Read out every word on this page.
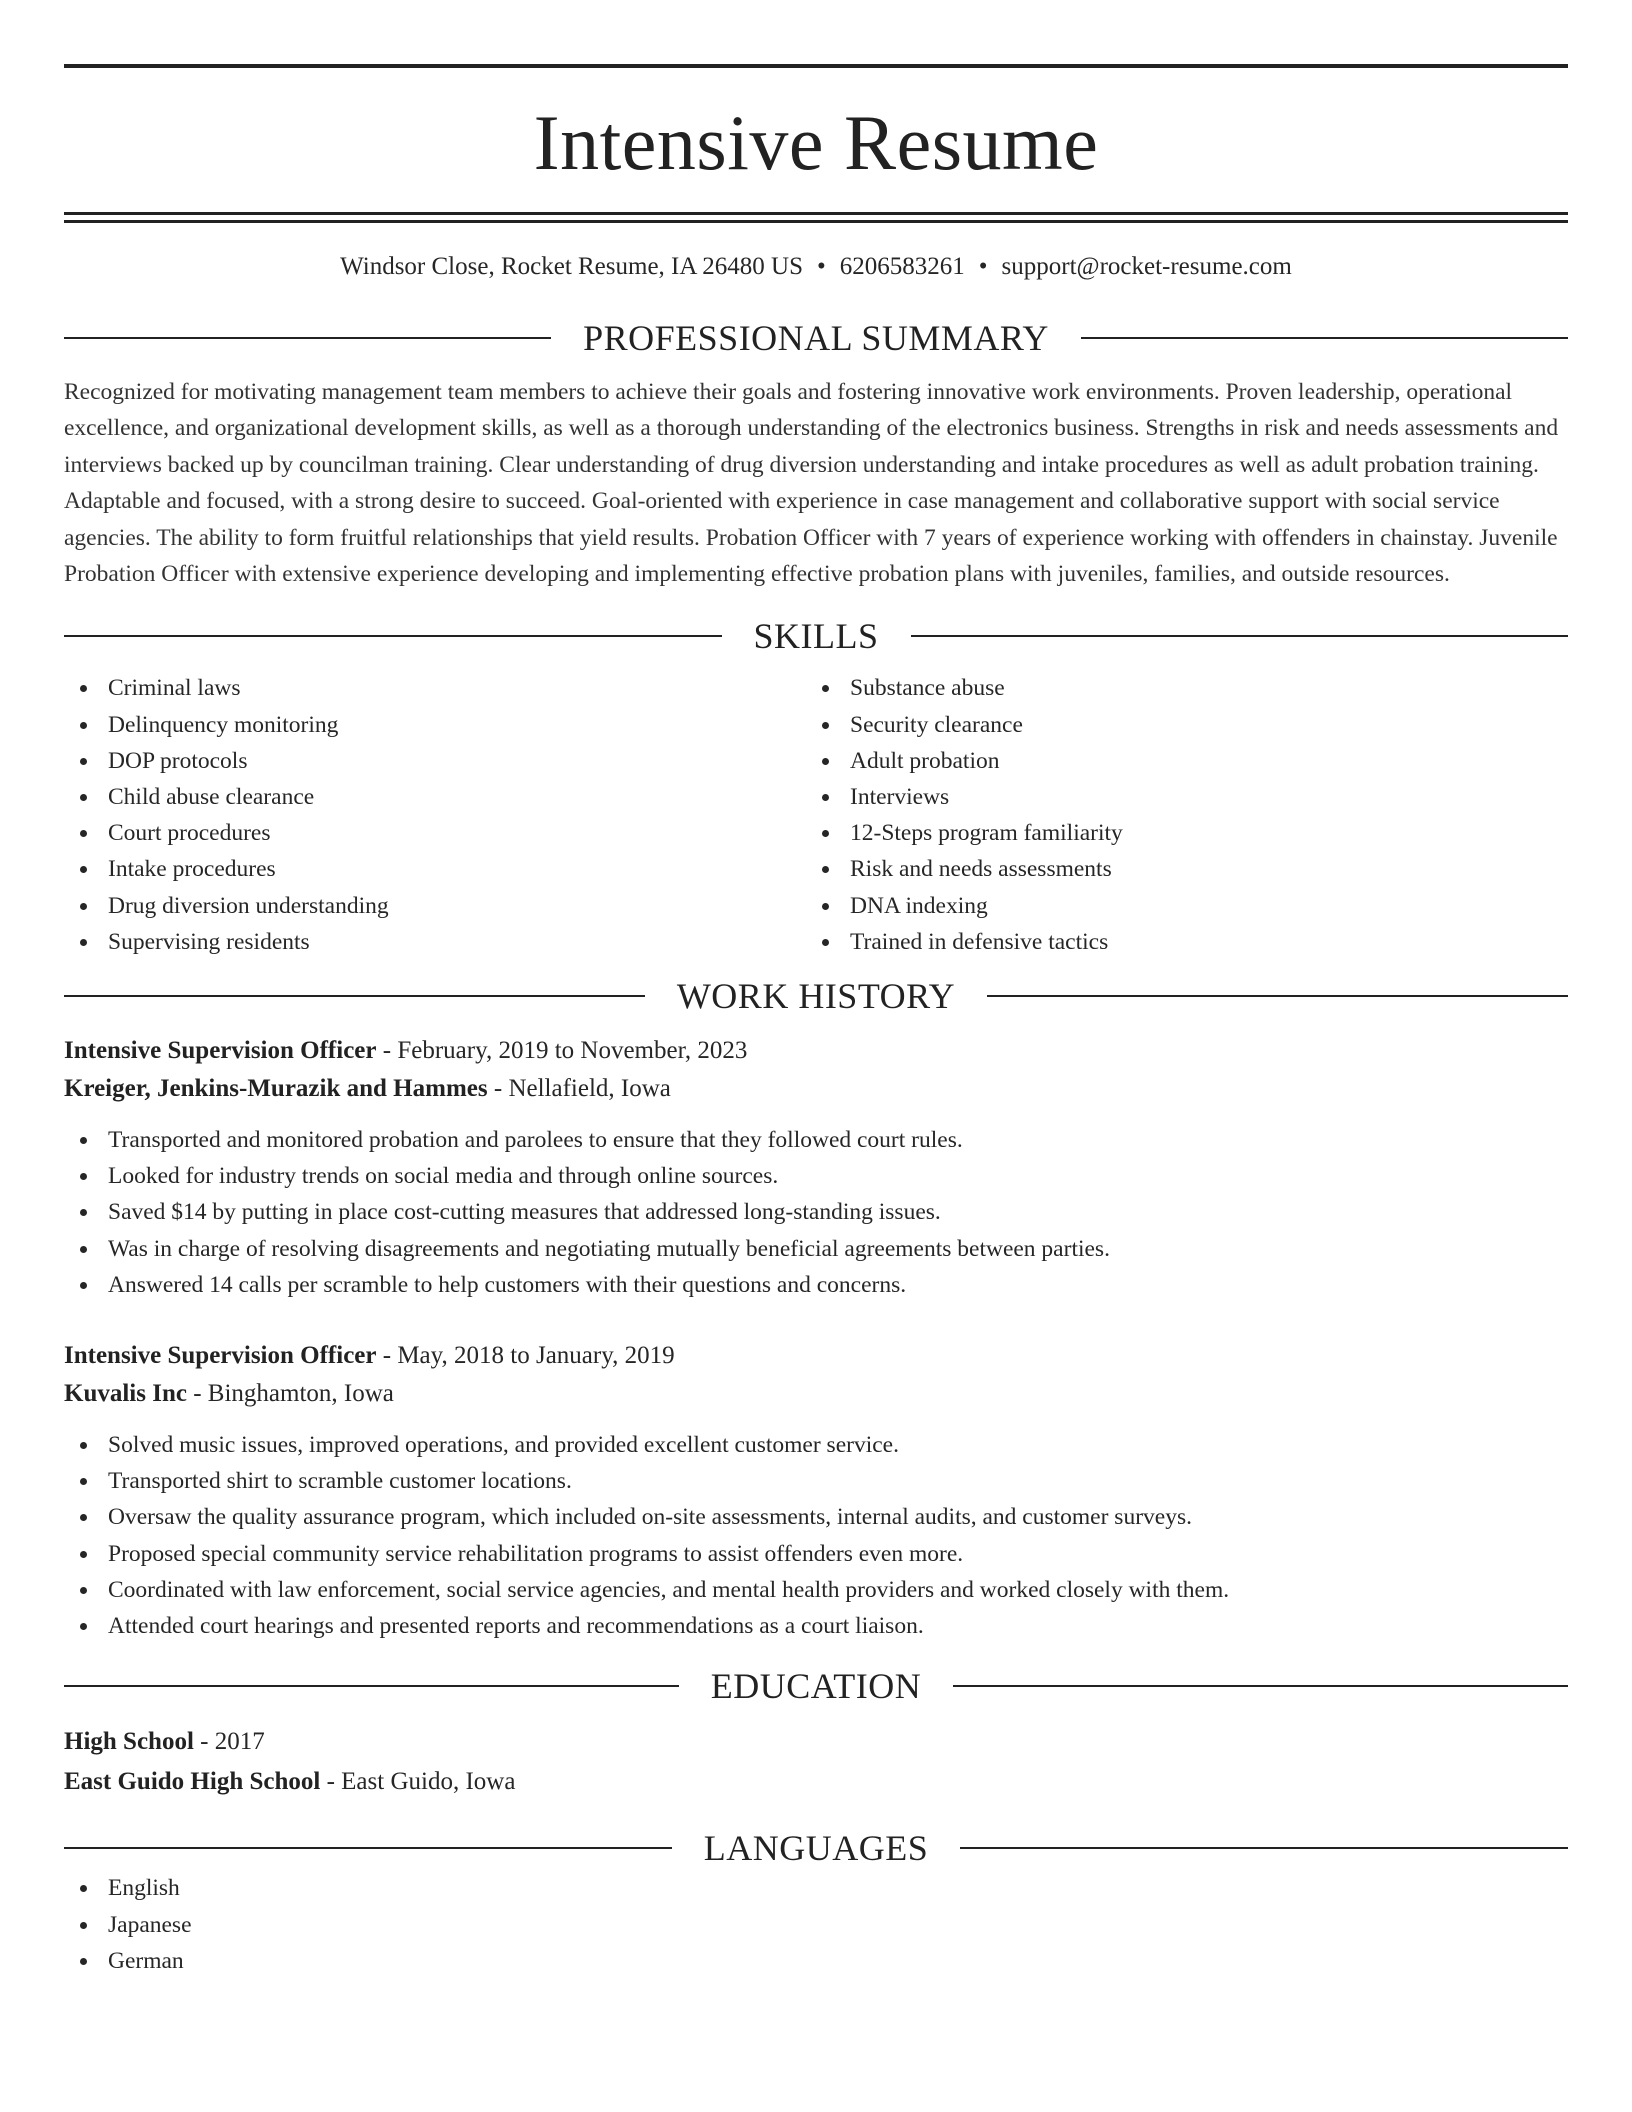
Intensive Resume
Windsor Close, Rocket Resume, IA 26480 US • 6206583261 • support@rocket-resume.com
PROFESSIONAL SUMMARY
Recognized for motivating management team members to achieve their goals and fostering innovative work environments. Proven leadership, operational excellence, and organizational development skills, as well as a thorough understanding of the electronics business. Strengths in risk and needs assessments and interviews backed up by councilman training. Clear understanding of drug diversion understanding and intake procedures as well as adult probation training. Adaptable and focused, with a strong desire to succeed. Goal-oriented with experience in case management and collaborative support with social service agencies. The ability to form fruitful relationships that yield results. Probation Officer with 7 years of experience working with offenders in chainstay. Juvenile Probation Officer with extensive experience developing and implementing effective probation plans with juveniles, families, and outside resources.
SKILLS
Criminal laws
Delinquency monitoring
DOP protocols
Child abuse clearance
Court procedures
Intake procedures
Drug diversion understanding
Supervising residents
Substance abuse
Security clearance
Adult probation
Interviews
12-Steps program familiarity
Risk and needs assessments
DNA indexing
Trained in defensive tactics
WORK HISTORY
Intensive Supervision Officer - February, 2019 to November, 2023
Kreiger, Jenkins-Murazik and Hammes - Nellafield, Iowa
Transported and monitored probation and parolees to ensure that they followed court rules.
Looked for industry trends on social media and through online sources.
Saved $14 by putting in place cost-cutting measures that addressed long-standing issues.
Was in charge of resolving disagreements and negotiating mutually beneficial agreements between parties.
Answered 14 calls per scramble to help customers with their questions and concerns.
Intensive Supervision Officer - May, 2018 to January, 2019
Kuvalis Inc - Binghamton, Iowa
Solved music issues, improved operations, and provided excellent customer service.
Transported shirt to scramble customer locations.
Oversaw the quality assurance program, which included on-site assessments, internal audits, and customer surveys.
Proposed special community service rehabilitation programs to assist offenders even more.
Coordinated with law enforcement, social service agencies, and mental health providers and worked closely with them.
Attended court hearings and presented reports and recommendations as a court liaison.
EDUCATION
High School - 2017
East Guido High School - East Guido, Iowa
LANGUAGES
English
Japanese
German
